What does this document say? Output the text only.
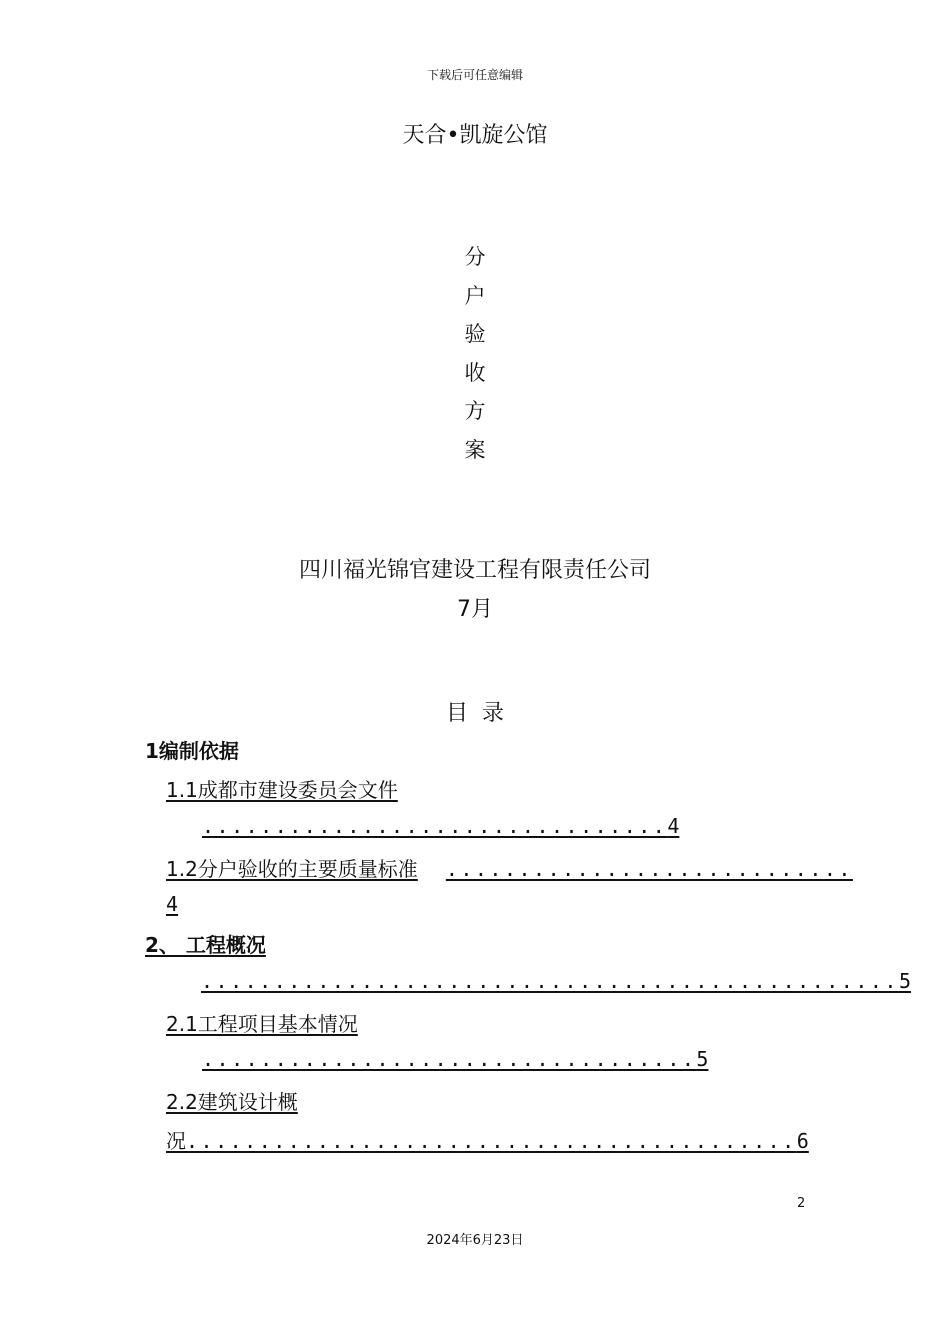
下载后可任意编辑
天合•凯旋公馆
分
户
验
收
方
案
四川福光锦官建设工程有限责任公司
7月
目录
1编制依据
1.1成都市建设委员会文件
................................4
1.2分户验收的主要质量标准 ............................
4
2、 工程概况
................................................5
2.1工程项目基本情况
..................................5
2.2建筑设计概
况..........................................6
2
2024年6月23日
